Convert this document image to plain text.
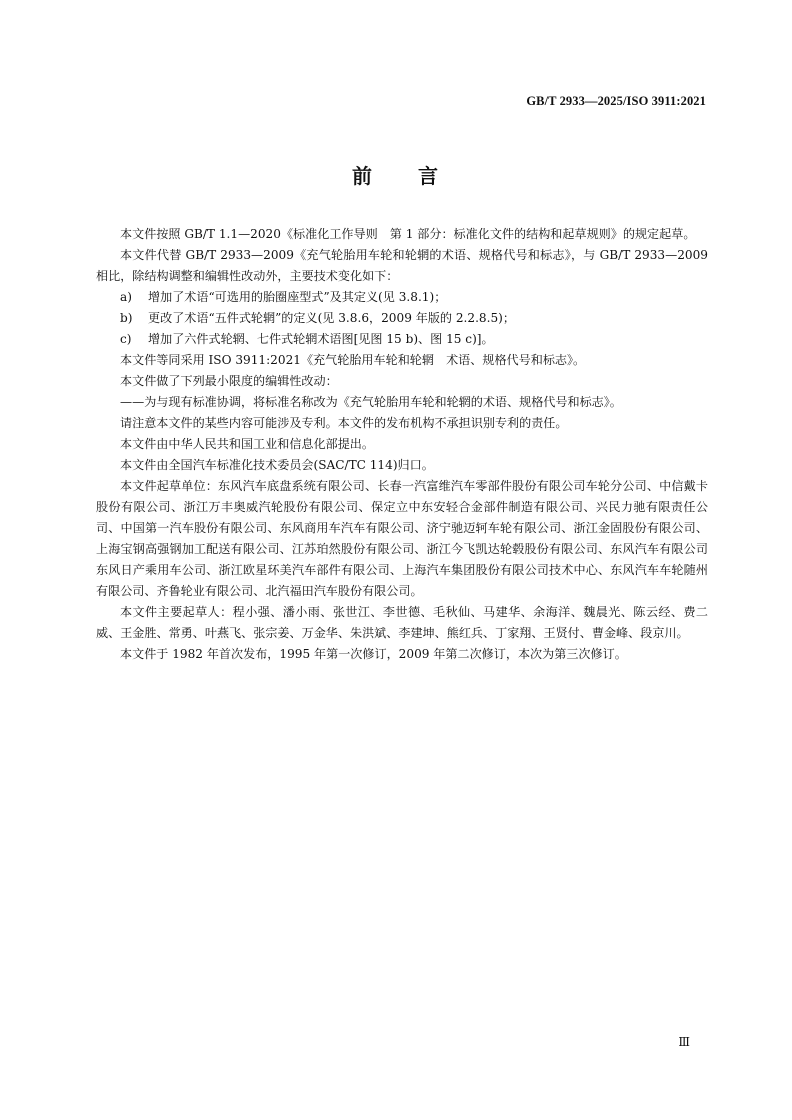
GB/T 2933—2025/ISO 3911:2021
前 言

本文件按照 GB/T 1.1—2020《标准化工作导则　第 1 部分：标准化文件的结构和起草规则》的规定起草。

本文件代替 GB/T 2933—2009《充气轮胎用车轮和轮辋的术语、规格代号和标志》，与 GB/T 2933—2009 相比，除结构调整和编辑性改动外，主要技术变化如下：

a) 增加了术语“可选用的胎圈座型式”及其定义(见 3.8.1)；

b) 更改了术语“五件式轮辋”的定义(见 3.8.6，2009 年版的 2.2.8.5)；

c) 增加了六件式轮辋、七件式轮辋术语图[见图 15 b)、图 15 c)]。

本文件等同采用 ISO 3911:2021《充气轮胎用车轮和轮辋　术语、规格代号和标志》。

本文件做了下列最小限度的编辑性改动：

——为与现有标准协调，将标准名称改为《充气轮胎用车轮和轮辋的术语、规格代号和标志》。

请注意本文件的某些内容可能涉及专利。本文件的发布机构不承担识别专利的责任。

本文件由中华人民共和国工业和信息化部提出。

本文件由全国汽车标准化技术委员会(SAC/TC 114)归口。

本文件起草单位：东风汽车底盘系统有限公司、长春一汽富维汽车零部件股份有限公司车轮分公司、中信戴卡股份有限公司、浙江万丰奥威汽轮股份有限公司、保定立中东安轻合金部件制造有限公司、兴民力驰有限责任公司、中国第一汽车股份有限公司、东风商用车汽车有限公司、济宁驰迈轲车轮有限公司、浙江金固股份有限公司、上海宝钢高强钢加工配送有限公司、江苏珀然股份有限公司、浙江今飞凯达轮毂股份有限公司、东风汽车有限公司东风日产乘用车公司、浙江欧星环美汽车部件有限公司、上海汽车集团股份有限公司技术中心、东风汽车车轮随州有限公司、齐鲁轮业有限公司、北汽福田汽车股份有限公司。

本文件主要起草人：程小强、潘小雨、张世江、李世德、毛秋仙、马建华、余海洋、魏晨光、陈云经、费二威、王金胜、常勇、叶燕飞、张宗姜、万金华、朱洪斌、李建坤、熊红兵、丁家翔、王贤付、曹金峰、段京川。

本文件于 1982 年首次发布，1995 年第一次修订，2009 年第二次修订，本次为第三次修订。

Ⅲ
